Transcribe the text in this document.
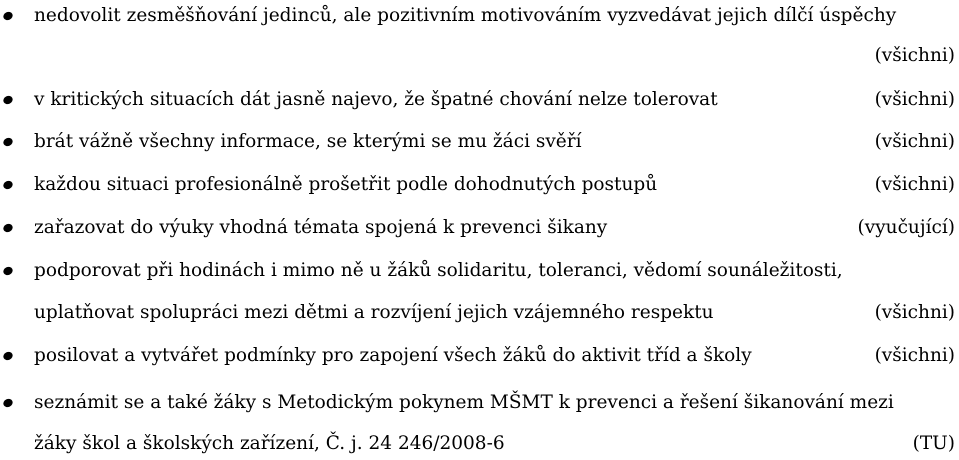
nedovolit zesměšňování jedinců, ale pozitivním motivováním vyzvedávat jejich dílčí úspěchy
(všichni)
v kritických situacích dát jasně najevo, že špatné chování nelze tolerovat	(všichni)
brát vážně všechny informace, se kterými se mu žáci svěří	(všichni)
každou situaci profesionálně prošetřit podle dohodnutých postupů	(všichni)
zařazovat do výuky vhodná témata spojená k prevenci šikany	(vyučující)
podporovat při hodinách i mimo ně u žáků solidaritu, toleranci, vědomí sounáležitosti,
uplatňovat spolupráci mezi dětmi a rozvíjení jejich vzájemného respektu	(všichni)
posilovat a vytvářet podmínky pro zapojení všech žáků do aktivit tříd a školy	(všichni)
seznámit se a také žáky s Metodickým pokynem MŠMT k prevenci a řešení šikanování mezi
žáky škol a školských zařízení, Č. j. 24 246/2008-6	(TU)
